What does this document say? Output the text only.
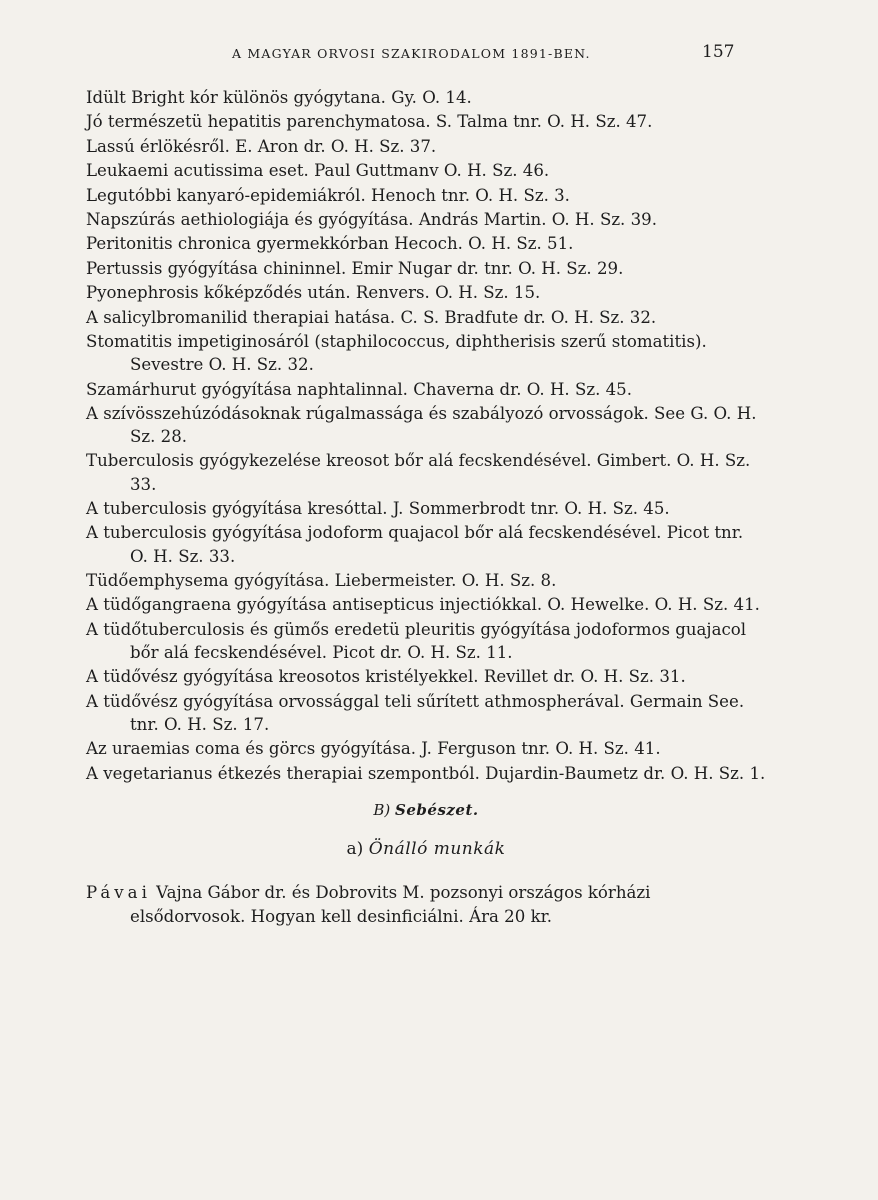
A MAGYAR ORVOSI SZAKIRODALOM 1891-BEN.	157

Idült Bright kór különös gyógytana. Gy. O. 14.

Jó természetü hepatitis parenchymatosa. S. Talma tnr. O. H. Sz. 47.

Lassú érlökésről. E. Aron dr. O. H. Sz. 37.

Leukaemi acutissima eset. Paul Guttmanv O. H. Sz. 46.

Legutóbbi kanyaró-epidemiákról. Henoch tnr. O. H. Sz. 3.

Napszúrás aethiologiája és gyógyítása. András Martin. O. H. Sz. 39.

Peritonitis chronica gyermekkórban Hecoch. O. H. Sz. 51.

Pertussis gyógyítása chininnel. Emir Nugar dr. tnr. O. H. Sz. 29.

Pyonephrosis kőképződés után. Renvers. O. H. Sz. 15.

A salicylbromanilid therapiai hatása. C. S. Bradfute dr. O. H. Sz. 32.

Stomatitis impetiginosáról (staphilococcus, diphtherisis szerű stomatitis). Sevestre O. H. Sz. 32.

Szamárhurut gyógyítása naphtalinnal. Chaverna dr. O. H. Sz. 45.

A szívösszehúzódásoknak rúgalmassága és szabályozó orvosságok. See G. O. H. Sz. 28.

Tuberculosis gyógykezelése kreosot bőr alá fecskendésével. Gimbert. O. H. Sz. 33.

A tuberculosis gyógyítása kresóttal. J. Sommerbrodt tnr. O. H. Sz. 45.

A tuberculosis gyógyítása jodoform quajacol bőr alá fecskendésével. Picot tnr. O. H. Sz. 33.

Tüdőemphysema gyógyítása. Liebermeister. O. H. Sz. 8.

A tüdőgangraena gyógyítása antisepticus injectiókkal. O. Hewelke. O. H. Sz. 41.

A tüdőtuberculosis és gümős eredetü pleuritis gyógyítása jodoformos guajacol bőr alá fecskendésével. Picot dr. O. H. Sz. 11.

A tüdővész gyógyítása kreosotos kristélyekkel. Revillet dr. O. H. Sz. 31.

A tüdővész gyógyítása orvossággal teli sűrített athmospherával. Germain See. tnr. O. H. Sz. 17.

Az uraemias coma és görcs gyógyítása. J. Ferguson tnr. O. H. Sz. 41.

A vegetarianus étkezés therapiai szempontból. Dujardin-Baumetz dr. O. H. Sz. 1.

B) Sebészet.

a) Önálló munkák

Pávai Vajna Gábor dr. és Dobrovits M. pozsonyi országos kórházi elsődorvosok. Hogyan kell desinficiálni. Ára 20 kr.
